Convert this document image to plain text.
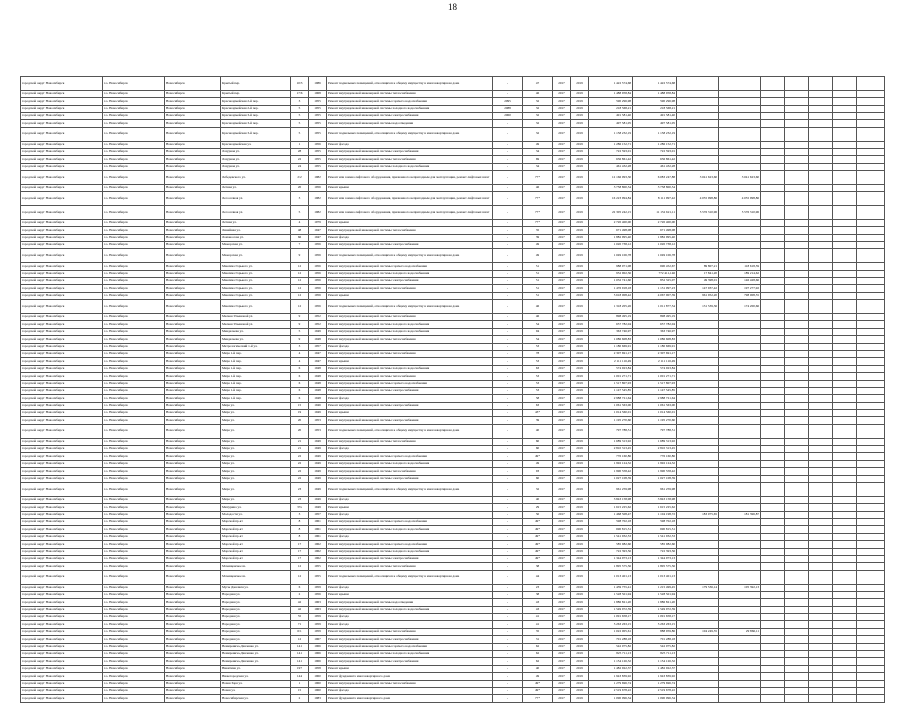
18
городской округ Новосибирск	г.о. Новосибирск	Новосибирск	Крытый пер.	10/3	1986	Ремонт подвальных помещений, относящихся к общему имуществу в многоквартирном доме	-	47	2017	2019	1 422 574,68	1 422 574,68							
городской округ Новосибирск	г.о. Новосибирск	Новосибирск	Крытый пер.	17/6	1968	Ремонт внутридомовой инженерной системы теплоснабжения	-	46	2017	2019	1 488 958,84	1 488 958,84							
городской округ Новосибирск	г.о. Новосибирск	Новосибирск	Красноармейская 2-й пер.	3	1955	Ремонт внутридомовой инженерной системы горячего водоснабжения	2095	32	2017	2019	590 296,98	590 296,98							
городской округ Новосибирск	г.о. Новосибирск	Новосибирск	Красноармейская 2-й пер.	5	1955	Ремонт внутридомовой инженерной системы холодного водоснабжения	2088	32	2017	2019	218 568,21	218 568,21							
городской округ Новосибирск	г.о. Новосибирск	Новосибирск	Красноармейская 3-й пер.	5	1955	Ремонт внутридомовой инженерной системы электроснабжения	2060	32	2017	2019	491 581,40	491 581,40							
городской округ Новосибирск	г.о. Новосибирск	Новосибирск	Красноармейская 3-й пер.	5	1955	Ремонт внутридомовой инженерной системы водоотведения	-	32	2017	2019	497 581,05	497 581,05							
городской округ Новосибирск	г.о. Новосибирск	Новосибирск	Красноармейская 3-й пер.	5	1955	Ремонт подвальных помещений, относящихся к общему имуществу в многоквартирном доме	-	32	2017	2019	1 158 232,19	1 158 232,19							
городской округ Новосибирск	г.о. Новосибирск	Новосибирск	Красноармейская ул.	1	1956	Ремонт фасада	-	49	2017	2019	1 286 152,71	1 286 152,71							
городской округ Новосибирск	г.о. Новосибирск	Новосибирск	Лазурная ул.	28	1955	Ремонт внутридомовой инженерной системы электроснабжения	-	34	2017	2019	722 593,01	722 593,01							
городской округ Новосибирск	г.о. Новосибирск	Новосибирск	Лазурная ул.	22	1955	Ремонт внутридомовой инженерной системы теплоснабжения	-	69	2017	2019	636 861,42	636 861,42							
городской округ Новосибирск	г.о. Новосибирск	Новосибирск	Лазурная ул.	24	1955	Ремонт внутридомовой инженерной системы холодного водоснабжения	-	34	2017	2019	461 432,28	461 432,28							
городской округ Новосибирск	г.о. Новосибирск	Новосибирск	Лебедевского ул.	2/2	1982	Ремонт или замена лифтового оборудования, признанного непригодным для эксплуатации, ремонт лифтовых шахт	-	77*	2017	2019	12 166 093,30	6 083 247,88	3 041 623,60	3 041 623,60					
городской округ Новосибирск	г.о. Новосибирск	Новосибирск	Летная ул.	20	1956	Ремонт крыши	-	46	2017	2019	3 758 800,54	3 758 800,54							
городской округ Новосибирск	г.о. Новосибирск	Новосибирск	Лесосечная ул.	3	1982	Ремонт или замена лифтового оборудования, признанного непригодным для эксплуатации, ремонт лифтовых шахт	-	77*	2017	2019	16 223 994,84	8 111 997,42	4 055 998,86	4 055 998,86					
городской округ Новосибирск	г.о. Новосибирск	Новосибирск	Лесосечная ул.	5	1982	Ремонт или замена лифтового оборудования, признанного непригодным для эксплуатации, ремонт лифтовых шахт	-	77*	2017	2019	22 305 242,15	11 152 621,11	5 576 310,96	5 576 310,96					
городской округ Новосибирск	г.о. Новосибирск	Новосибирск	Летная ул.	4	1979	Ремонт крыши	-	77*	2017	2019	2 720 400,00	2 720 400,00							
городской округ Новосибирск	г.о. Новосибирск	Новосибирск	Линейная ул.	48	1947	Ремонт внутридомовой инженерной системы теплоснабжения	-	35	2017	2019	671 498,08	671 498,08							
городской округ Новосибирск	г.о. Новосибирск	Новосибирск	Ломоносова ул.	66	1947	Ремонт фасада	-	39	2017	2019	1 882 995,40	1 882 995,40							
городской округ Новосибирск	г.о. Новосибирск	Новосибирск	Мажорская ул.	7	1956	Ремонт внутридомовой инженерной системы электроснабжения	-	49	2017	2019	1 020 738,12	1 020 738,12							
городской округ Новосибирск	г.о. Новосибирск	Новосибирск	Мажорская ул.	9	1956	Ремонт подвальных помещений, относящихся к общему имуществу в многоквартирном доме	-	49	2017	2019	1 049 106,78	1 049 106,78							
городской округ Новосибирск	г.о. Новосибирск	Новосибирск	Максима Горького ул.	12	1956	Ремонт внутридомовой инженерной системы горячего водоснабжения	-	51	2017	2019	988 071,08	690 452,67	89 807,21	118 618,59					
городской округ Новосибирск	г.о. Новосибирск	Новосибирск	Максима Горького ул.	12	1956	Ремонт внутридомовой инженерной системы холодного водоснабжения	-	51	2017	2019	952 902,36	772 411,146	17 841,20	189 214,62					
городской округ Новосибирск	г.о. Новосибирск	Новосибирск	Максима Горького ул.	12	1956	Ремонт внутридомовой инженерной системы электроснабжения	-	51	2017	2019	1 032 741,60	852 325,07	49 398,01	146 428,66					
городской округ Новосибирск	г.о. Новосибирск	Новосибирск	Максима Горького ул.	12	1956	Ремонт внутридомовой инженерной системы теплоснабжения	-	51	2017	2019	1 476 918,18	1 131 097,23	147 937,42	197 277,92					
городской округ Новосибирск	г.о. Новосибирск	Новосибирск	Максима Горького ул.	12	1956	Ремонт крыши	-	51	2017	2019	5 618 008,42	4 067 907,39	961 952,20	798 008,55					
городской округ Новосибирск	г.о. Новосибирск	Новосибирск	Максима Горького ул.	12	1956	Ремонт подвальных помещений, относящихся к общему имуществу в многоквартирном доме	-	46	2017	2019	1 318 205,26	1 011 877,54	131 539,36	174 200,66					
городской округ Новосибирск	г.о. Новосибирск	Новосибирск	Мелкая Ульяновой ул.	9	1952	Ремонт внутридомовой инженерной системы теплоснабжения	-	46	2017	2019	898 495,19	898 495,19							
городской округ Новосибирск	г.о. Новосибирск	Новосибирск	Мелкая Ульяновой ул.	9	1952	Ремонт внутридомовой инженерной системы холодного водоснабжения	-	54	2017	2019	657 782,04	657 782,04							
городской округ Новосибирск	г.о. Новосибирск	Новосибирск	Менделеева ул.	5	1949	Ремонт внутридомовой инженерной системы холодного водоснабжения	-	94	2017	2019	363 746,97	363 746,97							
городской округ Новосибирск	г.о. Новосибирск	Новосибирск	Менделеева ул.	9	1948	Ремонт внутридомовой инженерной системы теплоснабжения	-	54	2017	2019	1 086 608,83	1 086 608,83							
городской округ Новосибирск	г.о. Новосибирск	Новосибирск	Метрологический 1-й ул.	3	1957	Ремонт фасада	-	53	2017	2019	1 180 669,91	1 180 669,91							
городской округ Новосибирск	г.о. Новосибирск	Новосибирск	Мира 1-й пер.	4	1947	Ремонт внутридомовой инженерной системы теплоснабжения	-	78	2017	2019	2 307 691,17	2 307 691,17							
городской округ Новосибирск	г.о. Новосибирск	Новосибирск	Мира 1-й пер.	4	1947	Ремонт крыши	-	53	2017	2019	2 111 116,49	2 111 116,49							
городской округ Новосибирск	г.о. Новосибирск	Новосибирск	Мира 1-й пер.	6	1948	Ремонт внутридомовой инженерной системы холодного водоснабжения	-	63	2017	2019	574 923,84	574 923,84							
городской округ Новосибирск	г.о. Новосибирск	Новосибирск	Мира 1-й пер.	6	1948	Ремонт внутридомовой инженерной системы теплоснабжения	-	53	2017	2019	1 001 271,71	1 001 271,71							
городской округ Новосибирск	г.о. Новосибирск	Новосибирск	Мира 1-й пер.	6	1948	Ремонт внутридомовой инженерной системы горячего водоснабжения	-	53	2017	2019	1 517 807,93	1 517 807,93							
городской округ Новосибирск	г.о. Новосибирск	Новосибирск	Мира 1-й пер.	6	1948	Ремонт внутридомовой инженерной системы электроснабжения	-	53	2017	2019	1 147 545,85	1 147 545,85							
городской округ Новосибирск	г.о. Новосибирск	Новосибирск	Мира 1-й пер.	6	1948	Ремонт фасада	-	58	2017	2019	2 988 721,64	2 988 721,64							
городской округ Новосибирск	г.о. Новосибирск	Новосибирск	Мира ул.	15	1946	Ремонт внутридомовой инженерной системы электроснабжения	-	63	2017	2019	1 061 563,00	1 061 563,00							
городской округ Новосибирск	г.о. Новосибирск	Новосибирск	Мира ул.	19	1949	Ремонт крыши	-	43*	2017	2019	1 014 560,01	1 014 560,01							
городской округ Новосибирск	г.о. Новосибирск	Новосибирск	Мира ул.	20	1953	Ремонт внутридомовой инженерной системы электроснабжения	-	39	2017	2019	1 195 270,60	1 195 270,60							
городской округ Новосибирск	г.о. Новосибирск	Новосибирск	Мира ул.	20	1953	Ремонт подвальных помещений, относящихся к общему имуществу в многоквартирном доме	-	40	2017	2019	797 788,51	797 788,51							
городской округ Новосибирск	г.о. Новосибирск	Новосибирск	Мира ул.	21	1949	Ремонт внутридомовой инженерной системы теплоснабжения	-	60	2017	2019	1 689 313,92	1 689 313,92							
городской округ Новосибирск	г.о. Новосибирск	Новосибирск	Мира ул.	21	1949	Ремонт фасада	-	60	2017	2019	2 810 313,45	2 810 313,45							
городской округ Новосибирск	г.о. Новосибирск	Новосибирск	Мира ул.	22	1949	Ремонт внутридомовой инженерной системы горячего водоснабжения	-	49*	2017	2019	776 160,86	776 160,86							
городской округ Новосибирск	г.о. Новосибирск	Новосибирск	Мира ул.	22	1949	Ремонт внутридомовой инженерной системы холодного водоснабжения	-	49	2017	2019	1 992 124,32	1 992 124,32							
городской округ Новосибирск	г.о. Новосибирск	Новосибирск	Мира ул.	22	1949	Ремонт внутридомовой инженерной системы теплоснабжения	-	93	2017	2019	1 990 558,42	1 990 558,42							
городской округ Новосибирск	г.о. Новосибирск	Новосибирск	Мира ул.	22	1949	Ремонт внутридомовой инженерной системы электроснабжения	-	60	2017	2019	1 027 108,39	1 027 108,39							
городской округ Новосибирск	г.о. Новосибирск	Новосибирск	Мира ул.	23	1949	Ремонт подвальных помещений, относящихся к общему имуществу в многоквартирном доме	-	32	2017	2019	961 259,98	961 259,98							
городской округ Новосибирск	г.о. Новосибирск	Новосибирск	Мира ул.	23	1949	Ремонт фасада	-	40	2017	2019	3 843 158,98	3 843 158,98							
городской округ Новосибирск	г.о. Новосибирск	Новосибирск	Мичурина ул.	37а	1949	Ремонт крыши	-	29	2017	2019	1 615 225,62	1 615 225,62							
городской округ Новосибирск	г.о. Новосибирск	Новосибирск	Молодости ул.	3	1957	Ремонт фасада	-	50	2017	2019	1 468 508,47	1 104 198,72	183 075,65	181 396,87					
городской округ Новосибирск	г.о. Новосибирск	Новосибирск	Морской пр-кт	8	1961	Ремонт внутридомовой инженерной системы горячего водоснабжения	-	49*	2017	2019	598 702,18	598 702,18							
городской округ Новосибирск	г.о. Новосибирск	Новосибирск	Морской пр-кт	8	1961	Ремонт внутридомовой инженерной системы холодного водоснабжения	-	49*	2017	2019	690 815,51	690 815,51							
городской округ Новосибирск	г.о. Новосибирск	Новосибирск	Морской пр-кт	8	1961	Ремонт фасада	-	49*	2017	2019	1 541 932,53	1 541 932,53							
городской округ Новосибирск	г.о. Новосибирск	Новосибирск	Морской пр-кт	17	1962	Ремонт внутридомовой инженерной системы горячего водоснабжения	-	49*	2017	2019	585 982,60	585 982,60							
городской округ Новосибирск	г.о. Новосибирск	Новосибирск	Морской пр-кт	17	1962	Ремонт внутридомовой инженерной системы холодного водоснабжения	-	49*	2017	2019	722 393,56	722 393,56							
городской округ Новосибирск	г.о. Новосибирск	Новосибирск	Морской пр-кт	17	1962	Ремонт внутридомовой инженерной системы электроснабжения	-	49*	2017	2019	1 344 973,13	1 344 973,13							
городской округ Новосибирск	г.о. Новосибирск	Новосибирск	Мочищенское ш.	12	1955	Ремонт внутридомовой инженерной системы теплоснабжения	-	38	2017	2019	1 895 575,56	1 895 575,56							
городской округ Новосибирск	г.о. Новосибирск	Новосибирск	Мочищенское ш.	12	1955	Ремонт подвальных помещений, относящихся к общему имуществу в многоквартирном доме	-	44	2017	2019	1 013 401,13	1 013 401,13							
городской округ Новосибирск	г.о. Новосибирск	Новосибирск	Мусы Джалиля ул.	6	1959	Ремонт фасада	-	23	2017	2019	1 439 755,41	1 215 499,45	179 536,14	105 392,13					
городской округ Новосибирск	г.о. Новосибирск	Новосибирск	Народная ул.	2	1956	Ремонт крыши	-	38	2017	2019	1 528 501,94	1 528 501,94							
городской округ Новосибирск	г.о. Новосибирск	Новосибирск	Народная ул.	42	1963	Ремонт внутридомовой инженерной системы водоотведения	-	43	2017	2019	1 886 821,20	1 886 821,20							
городской округ Новосибирск	г.о. Новосибирск	Новосибирск	Народная ул.	42	1963	Ремонт внутридомовой инженерной системы холодного водоснабжения	-	43	2017	2019	1 549 972,59	1 549 972,59							
городской округ Новосибирск	г.о. Новосибирск	Новосибирск	Народная ул.	55	1959	Ремонт фасада	-	41	2017	2019	1 091 658,17	1 091 658,17							
городской округ Новосибирск	г.о. Новосибирск	Новосибирск	Народная ул.	71	1959	Ремонт фасада	-	41	2017	2019	5 263 263,15	5 263 263,15							
городской округ Новосибирск	г.о. Новосибирск	Новосибирск	Народная ул.	6/1	1959	Ремонт внутридомовой инженерной системы теплоснабжения	-	35	2017	2019	1 022 005,61	888 959,86	104 249,35	29 866,11					
городской округ Новосибирск	г.о. Новосибирск	Новосибирск	Народная ул.	12	1967	Ремонт внутридомовой инженерной системы электроснабжения	-	31	2017	2019	701 288,18	701 288,18							
городской округ Новосибирск	г.о. Новосибирск	Новосибирск	Немировича-Данченко ул.	141	1966	Ремонт внутридомовой инженерной системы горячего водоснабжения	-	62	2017	2019	542 075,82	542 075,82							
городской округ Новосибирск	г.о. Новосибирск	Новосибирск	Немировича-Данченко ул.	141	1966	Ремонт внутридомовой инженерной системы холодного водоснабжения	-	62	2017	2019	825 711,13	825 711,13							
городской округ Новосибирск	г.о. Новосибирск	Новосибирск	Немировича-Данченко ул.	141	1966	Ремонт внутридомовой инженерной системы электроснабжения	-	62	2017	2019	1 154 126,32	1 154 126,32							
городской округ Новосибирск	г.о. Новосибирск	Новосибирск	Никитина ул.	197	1958	Ремонт крыши	-	40	2017	2019	1 482 922,37	1 482 922,37							
городской округ Новосибирск	г.о. Новосибирск	Новосибирск	Нижегородская ул.	144	1960	Ремонт фундамента многоквартирного дома	-	49	2017	2019	1 943 839,92	1 943 839,92							
городской округ Новосибирск	г.о. Новосибирск	Новосибирск	Новая Заря ул.	1	1960	Ремонт внутридомовой инженерной системы теплоснабжения	-	49*	2017	2019	1 279 696,74	1 279 696,74							
городской округ Новосибирск	г.о. Новосибирск	Новосибирск	Новая ул.	15	1960	Ремонт фасада	-	49*	2017	2019	2 519 678,22	2 519 678,22							
городской округ Новосибирск	г.о. Новосибирск	Новосибирск	Новосибирская ул.	2	1983	Ремонт фундамента многоквартирного дома	-	77*	2017	2019	1 090 096,34	1 090 096,34							
